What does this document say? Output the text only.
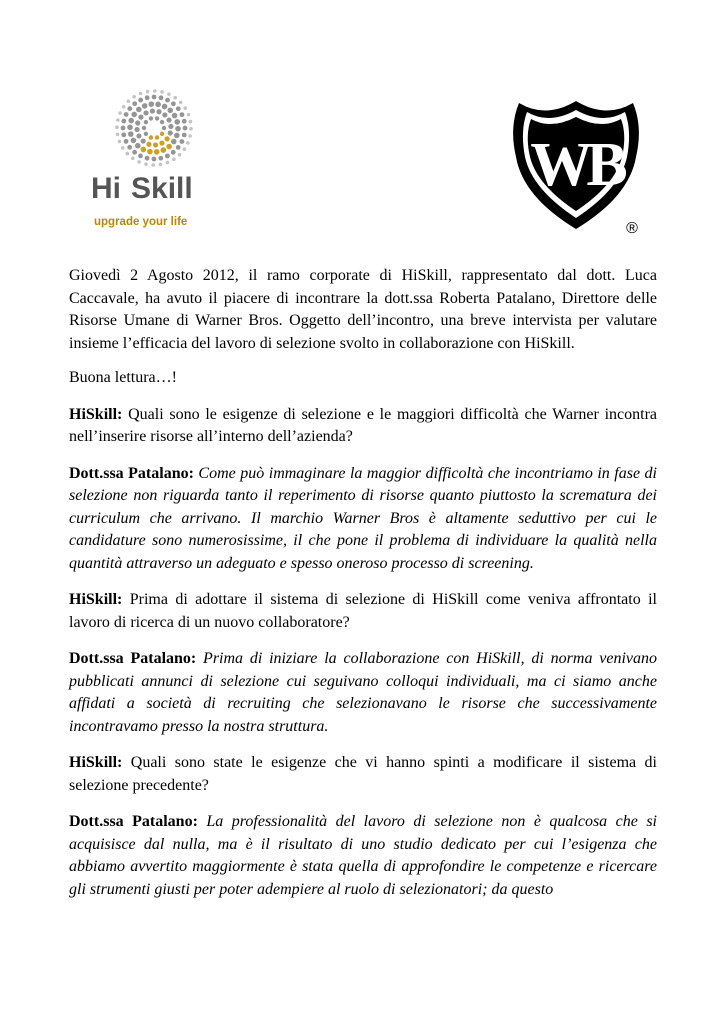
Hi Skill
upgrade your life
WB
®

Giovedì 2 Agosto 2012, il ramo corporate di HiSkill, rappresentato dal dott. Luca Caccavale, ha avuto il piacere di incontrare la dott.ssa Roberta Patalano, Direttore delle Risorse Umane di Warner Bros. Oggetto dell’incontro, una breve intervista per valutare insieme l’efficacia del lavoro di selezione svolto in collaborazione con HiSkill.

Buona lettura…!

HiSkill: Quali sono le esigenze di selezione e le maggiori difficoltà che Warner incontra nell’inserire risorse all’interno dell’azienda?

Dott.ssa Patalano: Come può immaginare la maggior difficoltà che incontriamo in fase di selezione non riguarda tanto il reperimento di risorse quanto piuttosto la scrematura dei curriculum che arrivano. Il marchio Warner Bros è altamente seduttivo per cui le candidature sono numerosissime, il che pone il problema di individuare la qualità nella quantità attraverso un adeguato e spesso oneroso processo di screening.

HiSkill: Prima di adottare il sistema di selezione di HiSkill come veniva affrontato il lavoro di ricerca di un nuovo collaboratore?

Dott.ssa Patalano: Prima di iniziare la collaborazione con HiSkill, di norma venivano pubblicati annunci di selezione cui seguivano colloqui individuali, ma ci siamo anche affidati a società di recruiting che selezionavano le risorse che successivamente incontravamo presso la nostra struttura.

HiSkill: Quali sono state le esigenze che vi hanno spinti a modificare il sistema di selezione precedente?

Dott.ssa Patalano: La professionalità del lavoro di selezione non è qualcosa che si acquisisce dal nulla, ma è il risultato di uno studio dedicato per cui l’esigenza che abbiamo avvertito maggiormente è stata quella di approfondire le competenze e ricercare gli strumenti giusti per poter adempiere al ruolo di selezionatori; da questo
